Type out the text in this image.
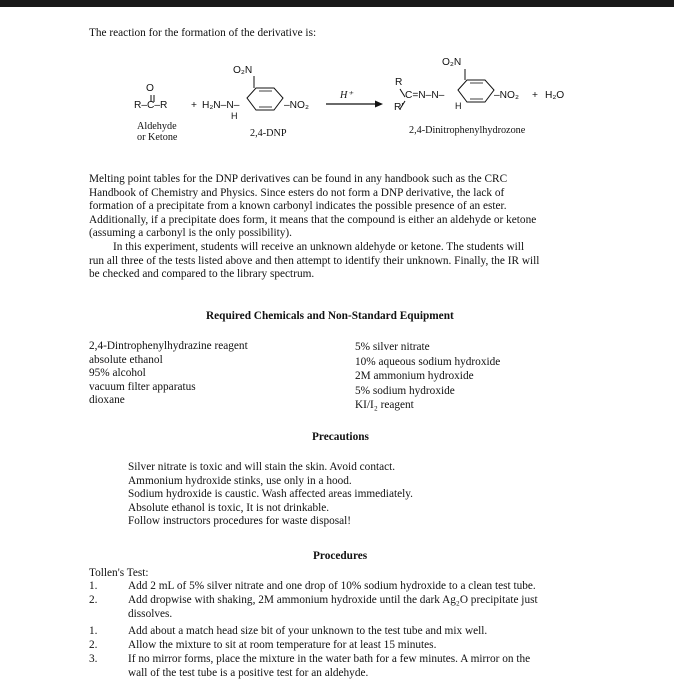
The reaction for the formation of the derivative is:
O
R–C–R + H₂N–N–
H
O₂N
–NO₂
H⁺
R
R'
C=N–N–
H
O₂N
–NO₂ + H₂O
Aldehyde
or Ketone	2,4-DNP	2,4-Dinitrophenylhydrozone
Melting point tables for the DNP derivatives can be found in any handbook such as the CRC
Handbook of Chemistry and Physics. Since esters do not form a DNP derivative, the lack of
formation of a precipitate from a known carbonyl indicates the possible presence of an ester.
Additionally, if a precipitate does form, it means that the compound is either an aldehyde or ketone
(assuming a carbonyl is the only possibility).
In this experiment, students will receive an unknown aldehyde or ketone. The students will
run all three of the tests listed above and then attempt to identify their unknown. Finally, the IR will
be checked and compared to the library spectrum.
Required Chemicals and Non-Standard Equipment
2,4-Dintrophenylhydrazine reagent
absolute ethanol
95% alcohol
vacuum filter apparatus
dioxane
5% silver nitrate
10% aqueous sodium hydroxide
2M ammonium hydroxide
5% sodium hydroxide
KI/I₂ reagent
Precautions
Silver nitrate is toxic and will stain the skin. Avoid contact.
Ammonium hydroxide stinks, use only in a hood.
Sodium hydroxide is caustic. Wash affected areas immediately.
Absolute ethanol is toxic, It is not drinkable.
Follow instructors procedures for waste disposal!
Procedures
Tollen's Test:
1.	Add 2 mL of 5% silver nitrate and one drop of 10% sodium hydroxide to a clean test tube.
2.	Add dropwise with shaking, 2M ammonium hydroxide until the dark Ag₂O precipitate just
dissolves.
1.	Add about a match head size bit of your unknown to the test tube and mix well.
2.	Allow the mixture to sit at room temperature for at least 15 minutes.
3.	If no mirror forms, place the mixture in the water bath for a few minutes. A mirror on the
wall of the test tube is a positive test for an aldehyde.
